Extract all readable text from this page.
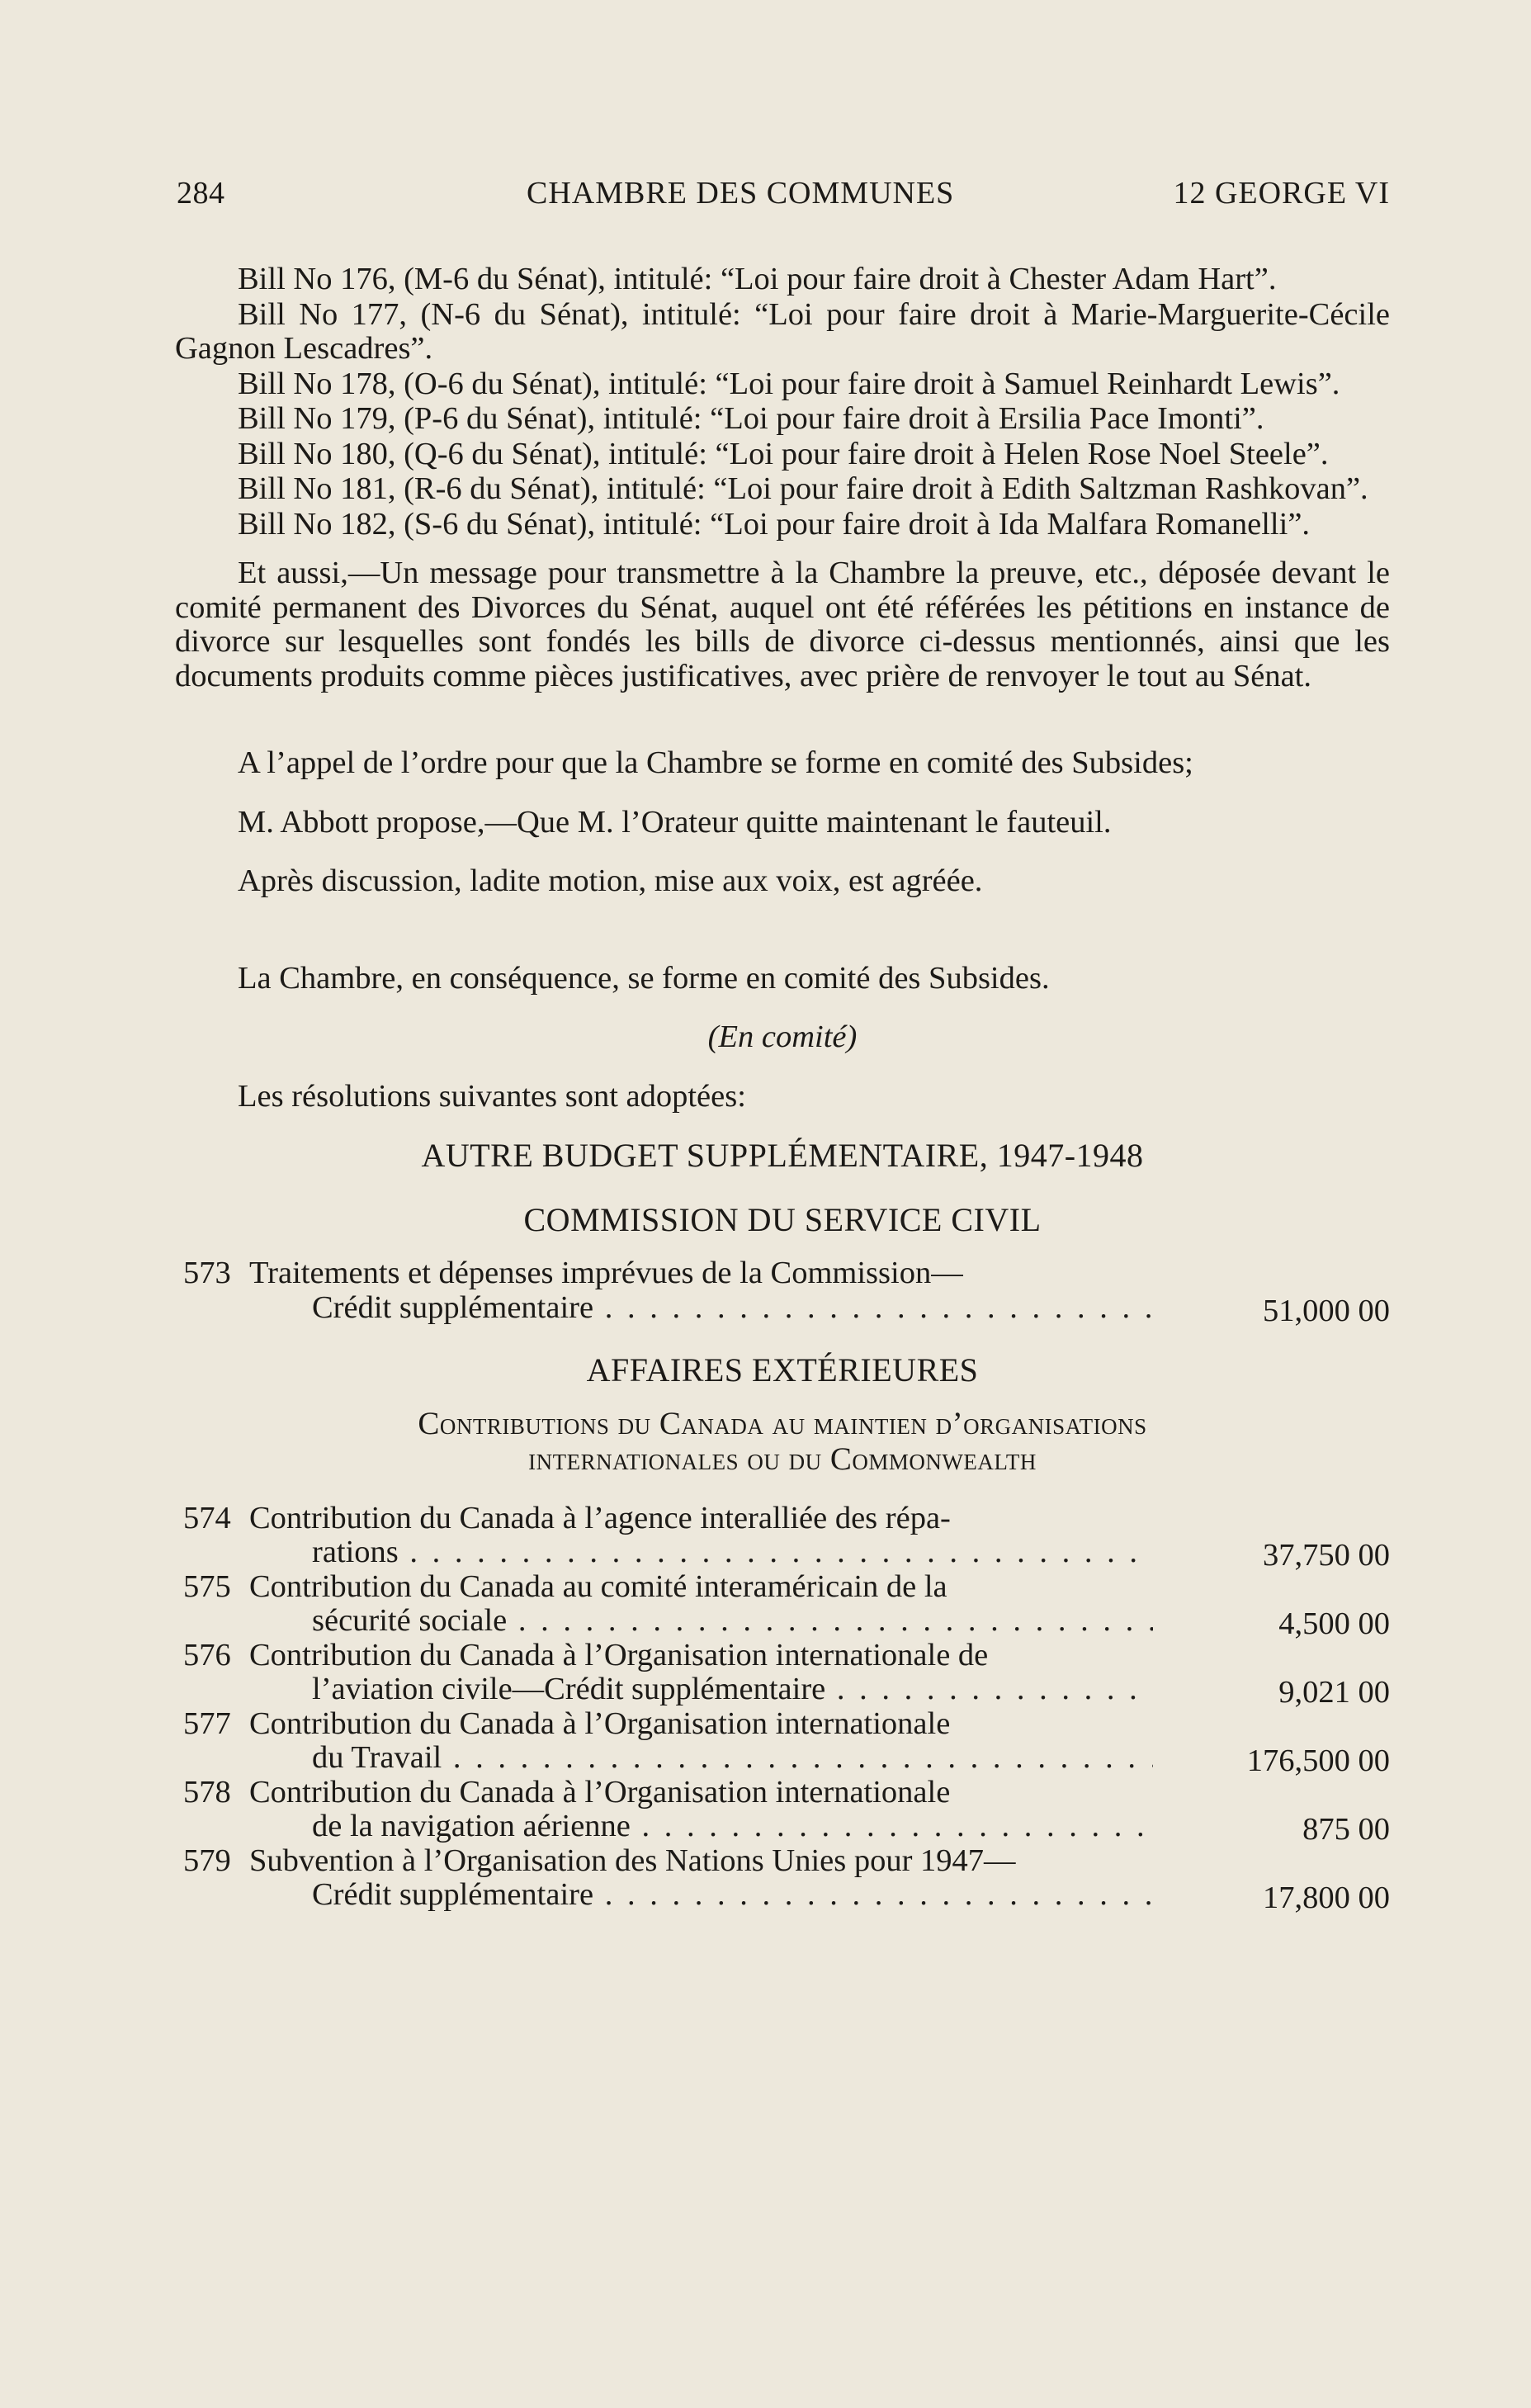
284	CHAMBRE DES COMMUNES	12 GEORGE VI

Bill No 176, (M-6 du Sénat), intitulé: “Loi pour faire droit à Chester Adam Hart”.

Bill No 177, (N-6 du Sénat), intitulé: “Loi pour faire droit à Marie-Marguerite-Cécile Gagnon Lescadres”.

Bill No 178, (O-6 du Sénat), intitulé: “Loi pour faire droit à Samuel Reinhardt Lewis”.

Bill No 179, (P-6 du Sénat), intitulé: “Loi pour faire droit à Ersilia Pace Imonti”.

Bill No 180, (Q-6 du Sénat), intitulé: “Loi pour faire droit à Helen Rose Noel Steele”.

Bill No 181, (R-6 du Sénat), intitulé: “Loi pour faire droit à Edith Saltzman Rashkovan”.

Bill No 182, (S-6 du Sénat), intitulé: “Loi pour faire droit à Ida Malfara Romanelli”.

Et aussi,—Un message pour transmettre à la Chambre la preuve, etc., déposée devant le comité permanent des Divorces du Sénat, auquel ont été référées les pétitions en instance de divorce sur lesquelles sont fondés les bills de divorce ci-dessus mentionnés, ainsi que les documents produits comme pièces justificatives, avec prière de renvoyer le tout au Sénat.

A l’appel de l’ordre pour que la Chambre se forme en comité des Subsides;

M. Abbott propose,—Que M. l’Orateur quitte maintenant le fauteuil.

Après discussion, ladite motion, mise aux voix, est agréée.

La Chambre, en conséquence, se forme en comité des Subsides.

(En comité)

Les résolutions suivantes sont adoptées:

AUTRE BUDGET SUPPLÉMENTAIRE, 1947-1948

COMMISSION DU SERVICE CIVIL

573 Traitements et dépenses imprévues de la Commission—
Crédit supplémentaire . . .	51,000 00

AFFAIRES EXTÉRIEURES

Contributions du Canada au maintien d’organisations

internationales ou du Commonwealth

574 Contribution du Canada à l’agence interalliée des répa-
rations . . .	37,750 00
575 Contribution du Canada au comité interaméricain de la
sécurité sociale . . .	4,500 00
576 Contribution du Canada à l’Organisation internationale de
l’aviation civile—Crédit supplémentaire . . .	9,021 00
577 Contribution du Canada à l’Organisation internationale
du Travail . . .	176,500 00
578 Contribution du Canada à l’Organisation internationale
de la navigation aérienne . . .	875 00
579 Subvention à l’Organisation des Nations Unies pour 1947—
Crédit supplémentaire . . .	17,800 00
